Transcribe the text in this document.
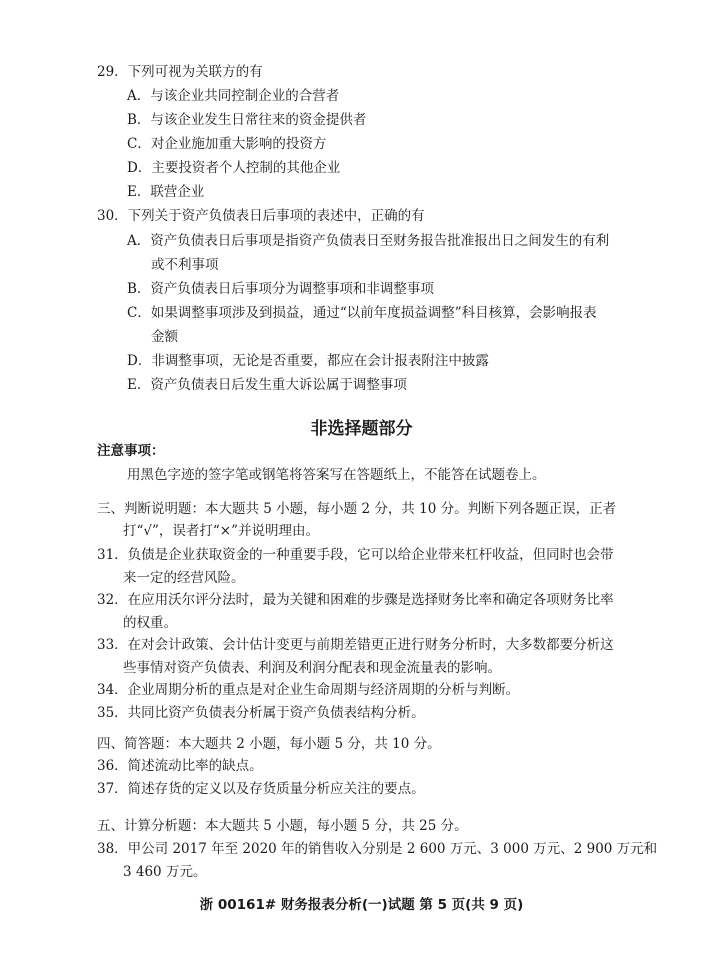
29．下列可视为关联方的有
A．与该企业共同控制企业的合营者
B．与该企业发生日常往来的资金提供者
C．对企业施加重大影响的投资方
D．主要投资者个人控制的其他企业
E．联营企业
30．下列关于资产负债表日后事项的表述中，正确的有
A．资产负债表日后事项是指资产负债表日至财务报告批准报出日之间发生的有利
或不利事项
B．资产负债表日后事项分为调整事项和非调整事项
C．如果调整事项涉及到损益，通过“以前年度损益调整”科目核算，会影响报表
金额
D．非调整事项，无论是否重要，都应在会计报表附注中披露
E．资产负债表日后发生重大诉讼属于调整事项
非选择题部分
注意事项：
用黑色字迹的签字笔或钢笔将答案写在答题纸上，不能答在试题卷上。
三、判断说明题：本大题共 5 小题，每小题 2 分，共 10 分。判断下列各题正误，正者
打“√”，误者打“×”并说明理由。
31．负债是企业获取资金的一种重要手段，它可以给企业带来杠杆收益，但同时也会带
来一定的经营风险。
32．在应用沃尔评分法时，最为关键和困难的步骤是选择财务比率和确定各项财务比率
的权重。
33．在对会计政策、会计估计变更与前期差错更正进行财务分析时，大多数都要分析这
些事情对资产负债表、利润及利润分配表和现金流量表的影响。
34．企业周期分析的重点是对企业生命周期与经济周期的分析与判断。
35．共同比资产负债表分析属于资产负债表结构分析。
四、简答题：本大题共 2 小题，每小题 5 分，共 10 分。
36．简述流动比率的缺点。
37．简述存货的定义以及存货质量分析应关注的要点。
五、计算分析题：本大题共 5 小题，每小题 5 分，共 25 分。
38．甲公司 2017 年至 2020 年的销售收入分别是 2 600 万元、3 000 万元、2 900 万元和
3 460 万元。
浙 00161# 财务报表分析(一)试题 第 5 页(共 9 页)
